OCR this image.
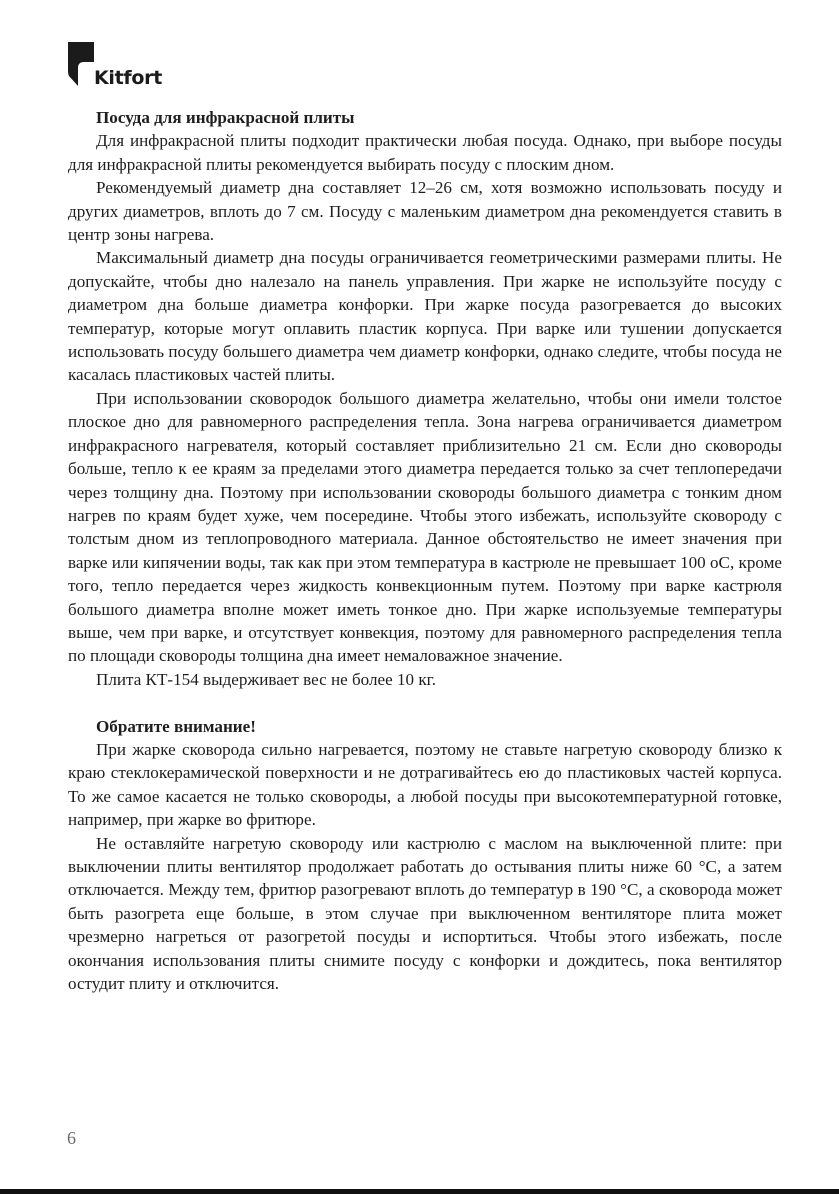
Kitfort
Посуда для инфракрасной плиты

Для инфракрасной плиты подходит практически любая посуда. Однако, при выборе посуды для инфракрасной плиты рекомендуется выбирать посуду с плоским дном.

Рекомендуемый диаметр дна составляет 12–26 см, хотя возможно использовать посуду и других диаметров, вплоть до 7 см. Посуду с маленьким диаметром дна рекомендуется ставить в центр зоны нагрева.

Максимальный диаметр дна посуды ограничивается геометрическими размерами плиты. Не допускайте, чтобы дно налезало на панель управления. При жарке не используйте посуду с диаметром дна больше диаметра конфорки. При жарке посуда разогревается до высоких температур, которые могут оплавить пластик корпуса. При варке или тушении допускается использовать посуду большего диаметра чем диаметр конфорки, однако следите, чтобы посуда не касалась пластиковых частей плиты.

При использовании сковородок большого диаметра желательно, чтобы они имели толстое плоское дно для равномерного распределения тепла. Зона нагрева ограничивается диаметром инфракрасного нагревателя, который составляет приблизительно 21 см. Если дно сковороды больше, тепло к ее краям за пределами этого диаметра передается только за счет теплопередачи через толщину дна. Поэтому при использовании сковороды большого диаметра с тонким дном нагрев по краям будет хуже, чем посередине. Чтобы этого избежать, используйте сковороду с толстым дном из теплопроводного материала. Данное обстоятельство не имеет значения при варке или кипячении воды, так как при этом температура в кастрюле не превышает 100 оС, кроме того, тепло передается через жидкость конвекционным путем. Поэтому при варке кастрюля большого диаметра вполне может иметь тонкое дно. При жарке используемые температуры выше, чем при варке, и отсутствует конвекция, поэтому для равномерного распределения тепла по площади сковороды толщина дна имеет немаловажное значение.

Плита КТ-154 выдерживает вес не более 10 кг.

Обратите внимание!

При жарке сковорода сильно нагревается, поэтому не ставьте нагретую сковороду близко к краю стеклокерамической поверхности и не дотрагивайтесь ею до пластиковых частей корпуса. То же самое касается не только сковороды, а любой посуды при высокотемпературной готовке, например, при жарке во фритюре.

Не оставляйте нагретую сковороду или кастрюлю с маслом на выключенной плите: при выключении плиты вентилятор продолжает работать до остывания плиты ниже 60 °С, а затем отключается. Между тем, фритюр разогревают вплоть до температур в 190 °С, а сковорода может быть разогрета еще больше, в этом случае при выключенном вентиляторе плита может чрезмерно нагреться от разогретой посуды и испортиться. Чтобы этого избежать, после окончания использования плиты снимите посуду с конфорки и дождитесь, пока вентилятор остудит плиту и отключится.

6
